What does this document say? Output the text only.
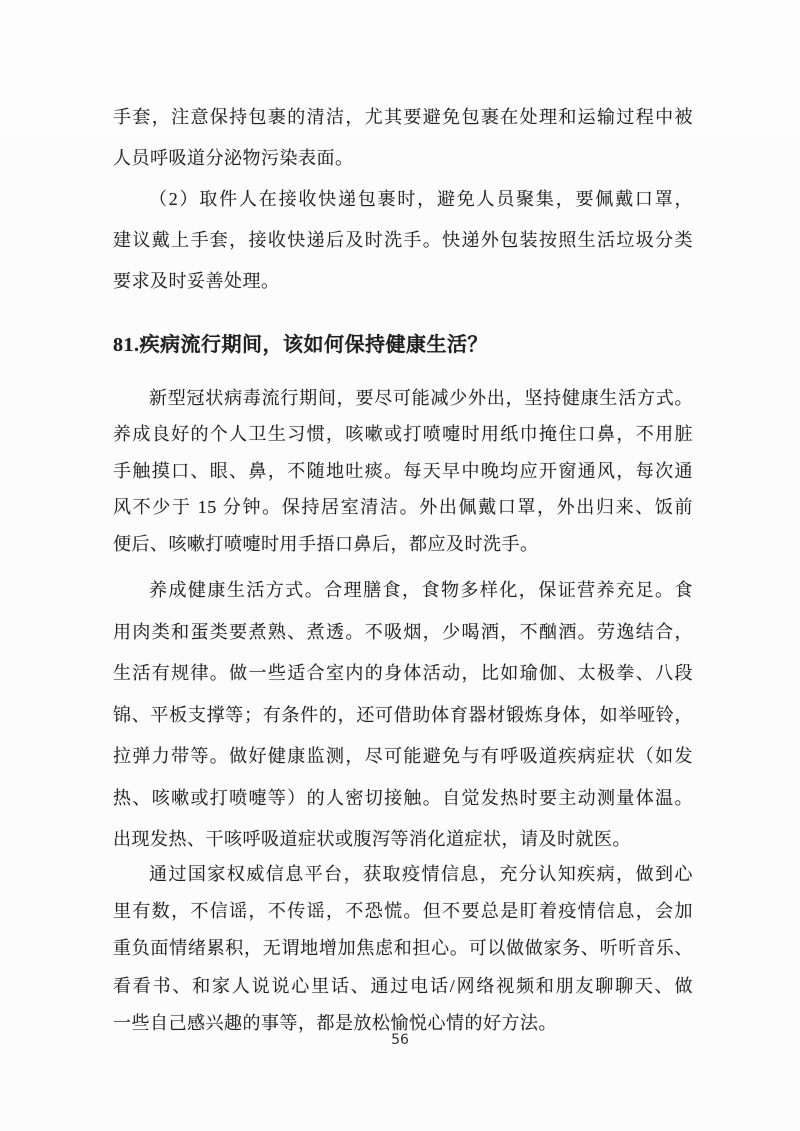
手套，注意保持包裹的清洁，尤其要避免包裹在处理和运输过程中被
人员呼吸道分泌物污染表面。
（2）取件人在接收快递包裹时，避免人员聚集，要佩戴口罩，
建议戴上手套，接收快递后及时洗手。快递外包装按照生活垃圾分类
要求及时妥善处理。
81.疾病流行期间，该如何保持健康生活？
新型冠状病毒流行期间，要尽可能减少外出，坚持健康生活方式。
养成良好的个人卫生习惯，咳嗽或打喷嚏时用纸巾掩住口鼻，不用脏
手触摸口、眼、鼻，不随地吐痰。每天早中晚均应开窗通风，每次通
风不少于 15 分钟。保持居室清洁。外出佩戴口罩，外出归来、饭前
便后、咳嗽打喷嚏时用手捂口鼻后，都应及时洗手。
养成健康生活方式。合理膳食，食物多样化，保证营养充足。食
用肉类和蛋类要煮熟、煮透。不吸烟，少喝酒，不酗酒。劳逸结合，
生活有规律。做一些适合室内的身体活动，比如瑜伽、太极拳、八段
锦、平板支撑等；有条件的，还可借助体育器材锻炼身体，如举哑铃，
拉弹力带等。做好健康监测，尽可能避免与有呼吸道疾病症状（如发
热、咳嗽或打喷嚏等）的人密切接触。自觉发热时要主动测量体温。
出现发热、干咳呼吸道症状或腹泻等消化道症状，请及时就医。
通过国家权威信息平台，获取疫情信息，充分认知疾病，做到心
里有数，不信谣，不传谣，不恐慌。但不要总是盯着疫情信息，会加
重负面情绪累积，无谓地增加焦虑和担心。可以做做家务、听听音乐、
看看书、和家人说说心里话、通过电话/网络视频和朋友聊聊天、做
一些自己感兴趣的事等，都是放松愉悦心情的好方法。
56
